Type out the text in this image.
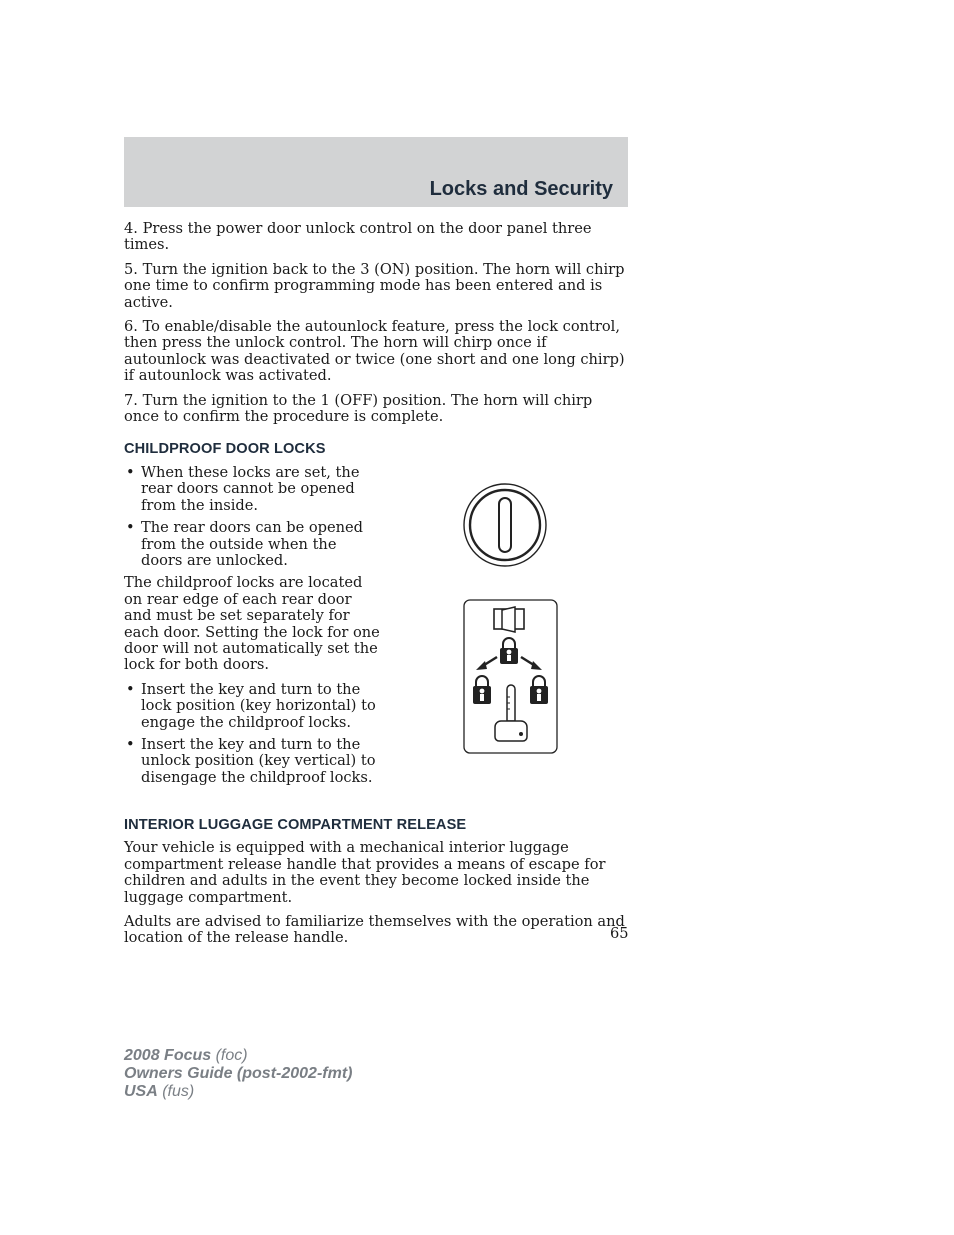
Locks and Security

4. Press the power door unlock control on the door panel three times.

5. Turn the ignition back to the 3 (ON) position. The horn will chirp one time to confirm programming mode has been entered and is active.

6. To enable/disable the autounlock feature, press the lock control, then press the unlock control. The horn will chirp once if autounlock was deactivated or twice (one short and one long chirp) if autounlock was activated.

7. Turn the ignition to the 1 (OFF) position. The horn will chirp once to confirm the procedure is complete.

CHILDPROOF DOOR LOCKS
• When these locks are set, the rear doors cannot be opened from the inside.
• The rear doors can be opened from the outside when the doors are unlocked.

The childproof locks are located on rear edge of each rear door and must be set separately for each door. Setting the lock for one door will not automatically set the lock for both doors.

• Insert the key and turn to the lock position (key horizontal) to engage the childproof locks.
• Insert the key and turn to the unlock position (key vertical) to disengage the childproof locks.
INTERIOR LUGGAGE COMPARTMENT RELEASE

Your vehicle is equipped with a mechanical interior luggage compartment release handle that provides a means of escape for children and adults in the event they become locked inside the luggage compartment.

Adults are advised to familiarize themselves with the operation and location of the release handle.	65
2008 Focus (foc)
Owners Guide (post-2002-fmt)
USA (fus)
